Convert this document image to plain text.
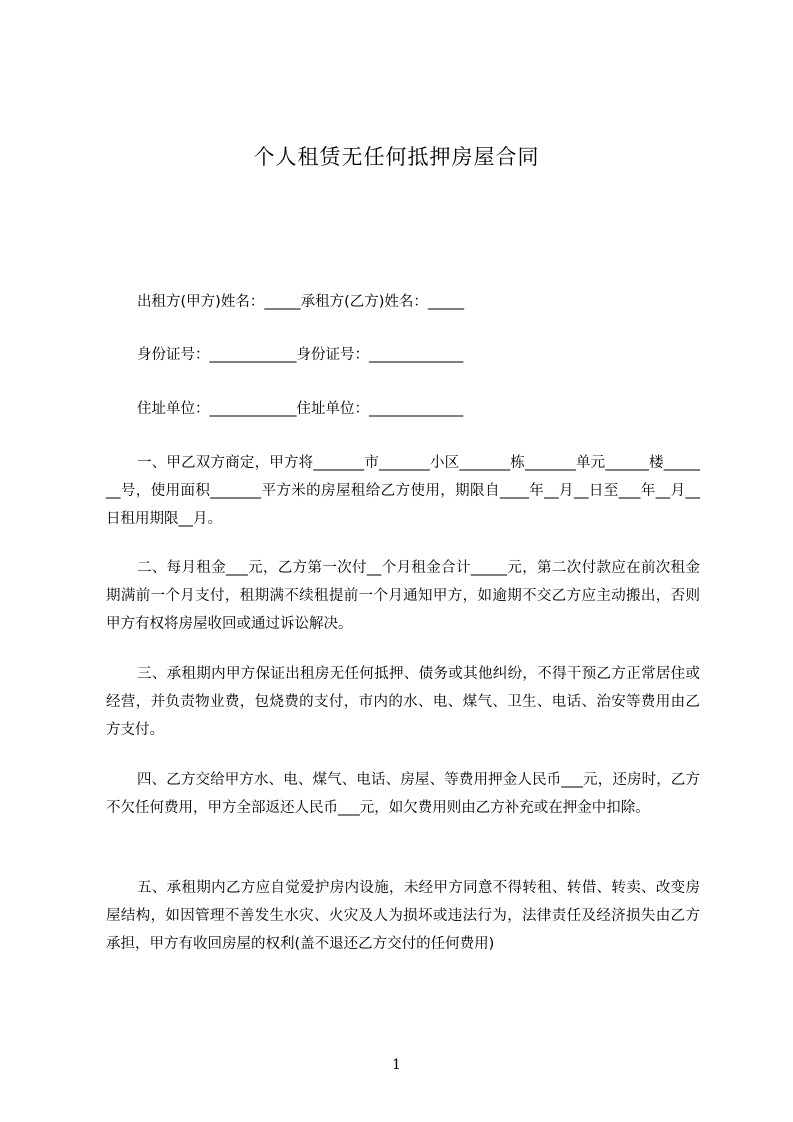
个人租赁无任何抵押房屋合同

出租方(甲方)姓名：_____承租方(乙方)姓名：_____

身份证号：____________身份证号：_____________

住址单位：____________住址单位：_____________

一、甲乙双方商定，甲方将_______市_______小区_______栋_______单元______楼_______号，使用面积_______平方米的房屋租给乙方使用，期限自____年__月__日至___年__月__日租用期限__月。

二、每月租金___元，乙方第一次付__个月租金合计_____元，第二次付款应在前次租金期满前一个月支付，租期满不续租提前一个月通知甲方，如逾期不交乙方应主动搬出，否则甲方有权将房屋收回或通过诉讼解决。

三、承租期内甲方保证出租房无任何抵押、债务或其他纠纷，不得干预乙方正常居住或经营，并负责物业费，包烧费的支付，市内的水、电、煤气、卫生、电话、治安等费用由乙方支付。

四、乙方交给甲方水、电、煤气、电话、房屋、等费用押金人民币___元，还房时，乙方不欠任何费用，甲方全部返还人民币___元，如欠费用则由乙方补充或在押金中扣除。

五、承租期内乙方应自觉爱护房内设施，未经甲方同意不得转租、转借、转卖、改变房屋结构，如因管理不善发生水灾、火灾及人为损坏或违法行为，法律责任及经济损失由乙方承担，甲方有收回房屋的权利(盖不退还乙方交付的任何费用)

1
